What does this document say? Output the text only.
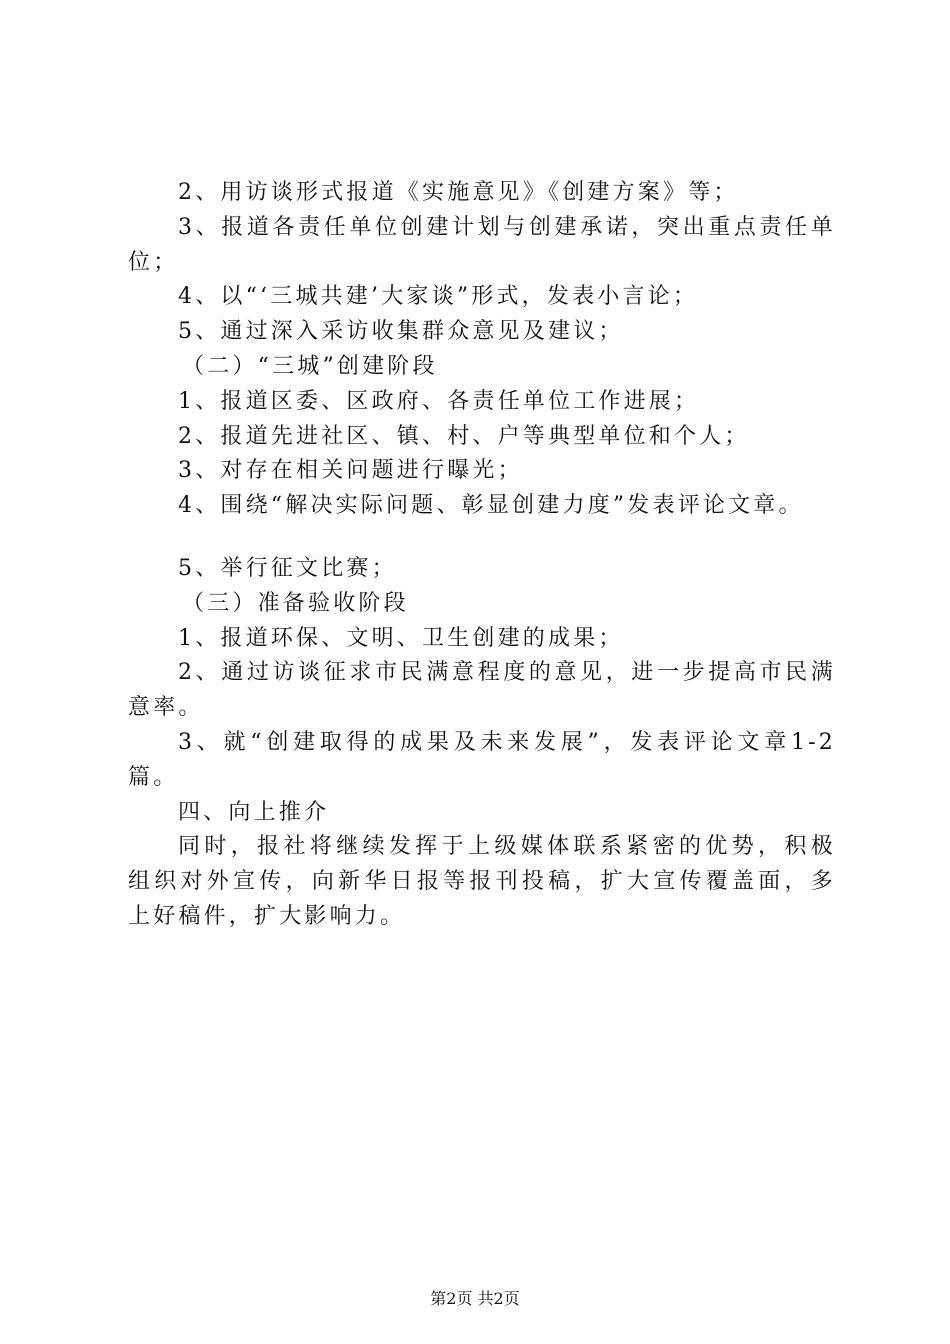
2、用访谈形式报道《实施意见》《创建方案》等；
3、报道各责任单位创建计划与创建承诺，突出重点责任单
位；
4、以“‘三城共建’大家谈”形式，发表小言论；
5、通过深入采访收集群众意见及建议；
（二）“三城”创建阶段
1、报道区委、区政府、各责任单位工作进展；
2、报道先进社区、镇、村、户等典型单位和个人；
3、对存在相关问题进行曝光；
4、围绕“解决实际问题、彰显创建力度”发表评论文章。
5、举行征文比赛；
（三）准备验收阶段
1、报道环保、文明、卫生创建的成果；
2、通过访谈征求市民满意程度的意见，进一步提高市民满
意率。
3、就“创建取得的成果及未来发展”，发表评论文章1-2
篇。
四、向上推介
同时，报社将继续发挥于上级媒体联系紧密的优势，积极
组织对外宣传，向新华日报等报刊投稿，扩大宣传覆盖面，多
上好稿件，扩大影响力。
第2页 共2页
